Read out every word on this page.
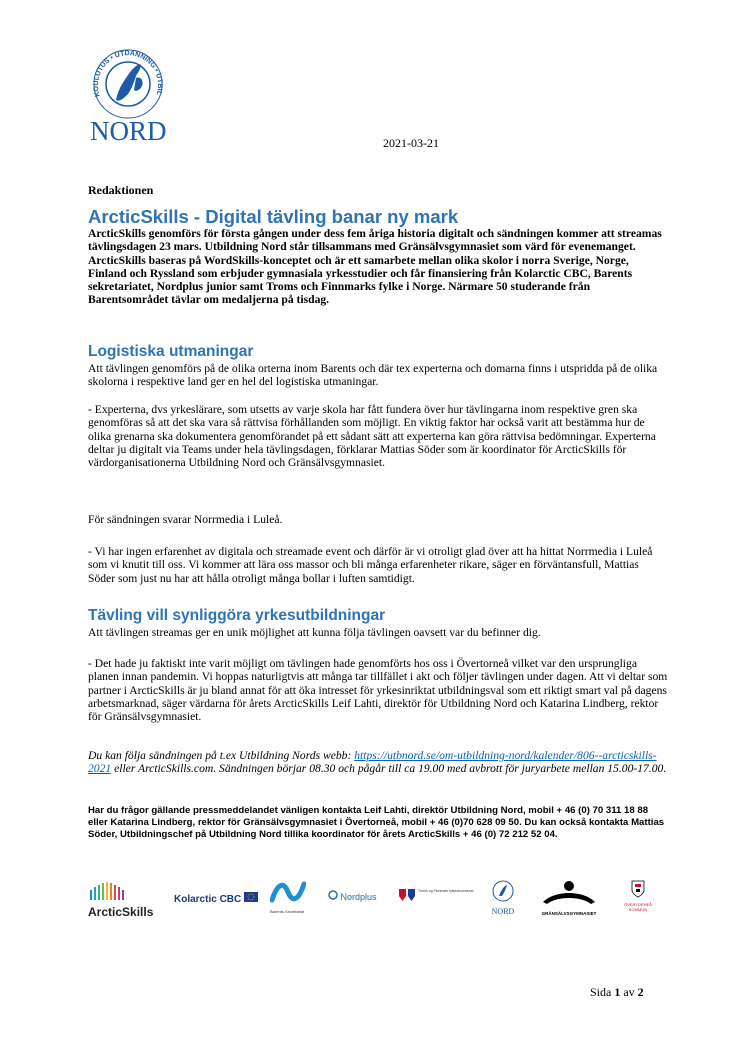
KOULUTUS • UTDANNING • UTBIL
NORD	2021-03-21
Redaktionen
ArcticSkills - Digital tävling banar ny mark
ArcticSkills genomförs för första gången under dess fem åriga historia digitalt och sändningen kommer att streamas tävlingsdagen 23 mars. Utbildning Nord står tillsammans med Gränsälvsgymnasiet som värd för evenemanget. ArcticSkills baseras på WordSkills-konceptet och är ett samarbete mellan olika skolor i norra Sverige, Norge, Finland och Ryssland som erbjuder gymnasiala yrkesstudier och får finansiering från Kolarctic CBC, Barents sekretariatet, Nordplus junior samt Troms och Finnmarks fylke i Norge. Närmare 50 studerande från Barentsområdet tävlar om medaljerna på tisdag.
Logistiska utmaningar
Att tävlingen genomförs på de olika orterna inom Barents och där tex experterna och domarna finns i utspridda på de olika skolorna i respektive land ger en hel del logistiska utmaningar.
- Experterna, dvs yrkeslärare, som utsetts av varje skola har fått fundera över hur tävlingarna inom respektive gren ska genomföras så att det ska vara så rättvisa förhållanden som möjligt. En viktig faktor har också varit att bestämma hur de olika grenarna ska dokumentera genomförandet på ett sådant sätt att experterna kan göra rättvisa bedömningar. Experterna deltar ju digitalt via Teams under hela tävlingsdagen, förklarar Mattias Söder som är koordinator för ArcticSkills för värdorganisationerna Utbildning Nord och Gränsälvsgymnasiet.
För sändningen svarar Norrmedia i Luleå.
- Vi har ingen erfarenhet av digitala och streamade event och därför är vi otroligt glad över att ha hittat Norrmedia i Luleå som vi knutit till oss. Vi kommer att lära oss massor och bli många erfarenheter rikare, säger en förväntansfull, Mattias Söder som just nu har att hålla otroligt många bollar i luften samtidigt.
Tävling vill synliggöra yrkesutbildningar
Att tävlingen streamas ger en unik möjlighet att kunna följa tävlingen oavsett var du befinner dig.
- Det hade ju faktiskt inte varit möjligt om tävlingen hade genomförts hos oss i Övertorneå vilket var den ursprungliga planen innan pandemin. Vi hoppas naturligtvis att många tar tillfället i akt och följer tävlingen under dagen. Att vi deltar som partner i ArcticSkills är ju bland annat för att öka intresset för yrkesinriktat utbildningsval som ett riktigt smart val på dagens arbetsmarknad, säger värdarna för årets ArcticSkills Leif Lahti, direktör för Utbildning Nord och Katarina Lindberg, rektor för Gränsälvsgymnasiet.
Du kan följa sändningen på t.ex Utbildning Nords webb: https://utbnord.se/om-utbildning-nord/kalender/806--arcticskills-2021 eller ArcticSkills.com. Sändningen börjar 08.30 och pågår till ca 19.00 med avbrott för juryarbete mellan 15.00-17.00.
Har du frågor gällande pressmeddelandet vänligen kontakta Leif Lahti, direktör Utbildning Nord, mobil + 46 (0) 70 311 18 88 eller Katarina Lindberg, rektor för Gränsälvsgymnasiet i Övertorneå, mobil + 46 (0)70 628 09 50. Du kan också kontakta Mattias Söder, Utbildningschef på Utbildning Nord tillika koordinator för årets ArcticSkills + 46 (0) 72 212 52 04.
ArcticSkills
Kolarctic CBC
Barents Secretariat
Nordplus
Troms og Finnmark fylkeskommune
NORD	GRÄNSÄLVSGYMNASIET
ÖVERTORNEÅ KOMMUN
Sida 1 av 2
